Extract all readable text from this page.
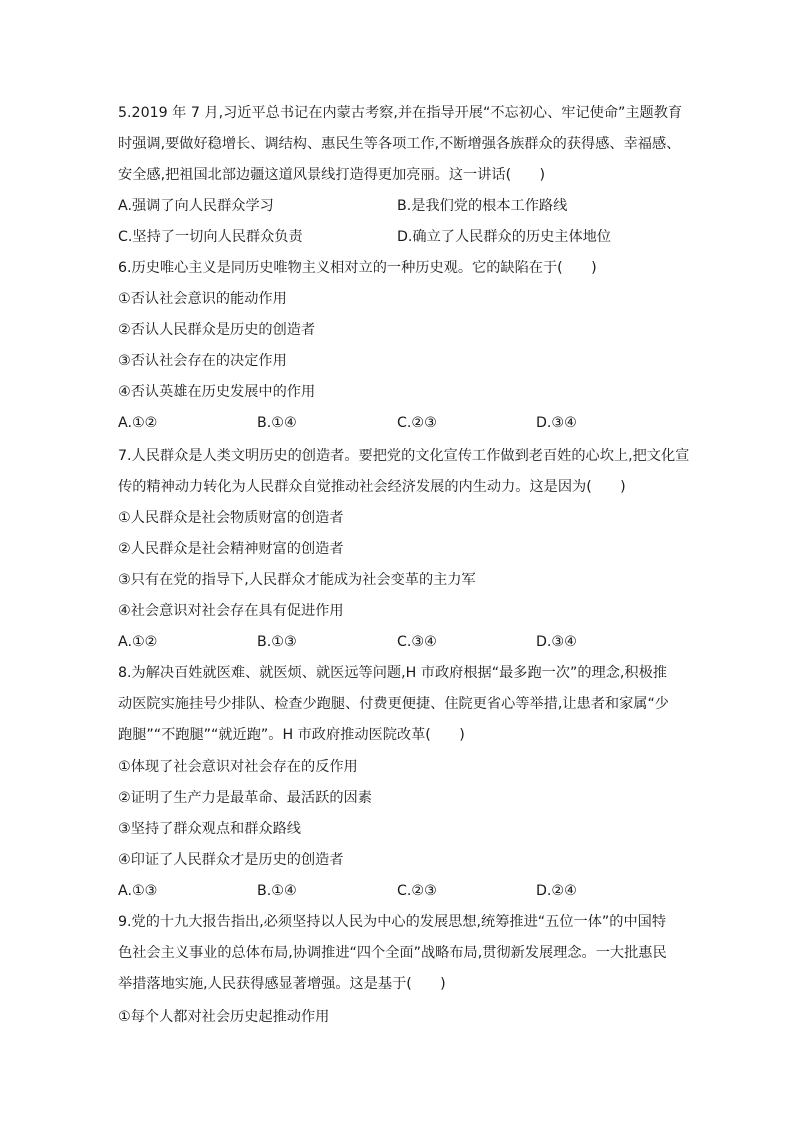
5.2019 年 7 月,习近平总书记在内蒙古考察,并在指导开展“不忘初心、牢记使命”主题教育
时强调,要做好稳增长、调结构、惠民生等各项工作,不断增强各族群众的获得感、幸福感、
安全感,把祖国北部边疆这道风景线打造得更加亮丽。这一讲话(　　)
A.强调了向人民群众学习	B.是我们党的根本工作路线
C.坚持了一切向人民群众负责	D.确立了人民群众的历史主体地位
6.历史唯心主义是同历史唯物主义相对立的一种历史观。它的缺陷在于(　　)
①否认社会意识的能动作用
②否认人民群众是历史的创造者
③否认社会存在的决定作用
④否认英雄在历史发展中的作用
A.①②	B.①④	C.②③	D.③④
7.人民群众是人类文明历史的创造者。要把党的文化宣传工作做到老百姓的心坎上,把文化宣
传的精神动力转化为人民群众自觉推动社会经济发展的内生动力。这是因为(　　)
①人民群众是社会物质财富的创造者
②人民群众是社会精神财富的创造者
③只有在党的指导下,人民群众才能成为社会变革的主力军
④社会意识对社会存在具有促进作用
A.①②	B.①③	C.③④	D.③④
8.为解决百姓就医难、就医烦、就医远等问题,H 市政府根据“最多跑一次”的理念,积极推
动医院实施挂号少排队、检查少跑腿、付费更便捷、住院更省心等举措,让患者和家属“少
跑腿”“不跑腿”“就近跑”。H 市政府推动医院改革(　　)
①体现了社会意识对社会存在的反作用
②证明了生产力是最革命、最活跃的因素
③坚持了群众观点和群众路线
④印证了人民群众才是历史的创造者
A.①③	B.①④	C.②③	D.②④
9.党的十九大报告指出,必须坚持以人民为中心的发展思想,统筹推进“五位一体”的中国特
色社会主义事业的总体布局,协调推进“四个全面”战略布局,贯彻新发展理念。一大批惠民
举措落地实施,人民获得感显著增强。这是基于(　　)
①每个人都对社会历史起推动作用
